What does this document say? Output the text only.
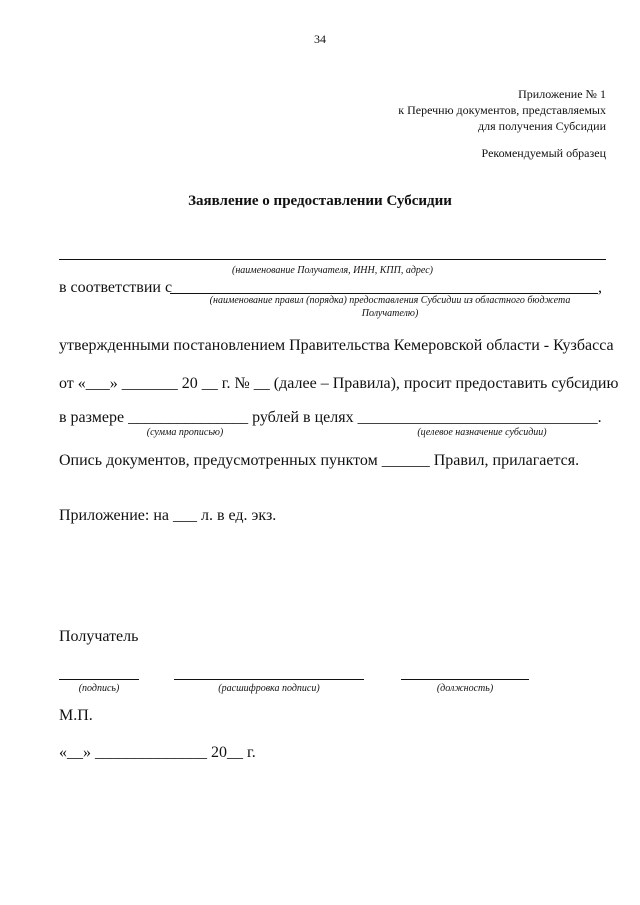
34
Приложение № 1
к Перечню документов, представляемых
для получения Субсидии
Рекомендуемый образец
Заявление о предоставлении Субсидии
(наименование Получателя, ИНН, КПП, адрес)
в соответствии с	,
(наименование правил (порядка) предоставления Субсидии из областного бюджета
Получателю)
утвержденными постановлением Правительства Кемеровской области - Кузбасса
от «___» _______ 20 __ г. № __ (далее – Правила), просит предоставить субсидию
в размере _______________ рублей в целях ______________________________.
(сумма прописью)	(целевое назначение субсидии)
Опись документов, предусмотренных пунктом ______ Правил, прилагается.
Приложение: на ___ л. в ед. экз.
Получатель
(подпись)	(расшифровка подписи)	(должность)
М.П.
«__» ______________ 20__ г.
